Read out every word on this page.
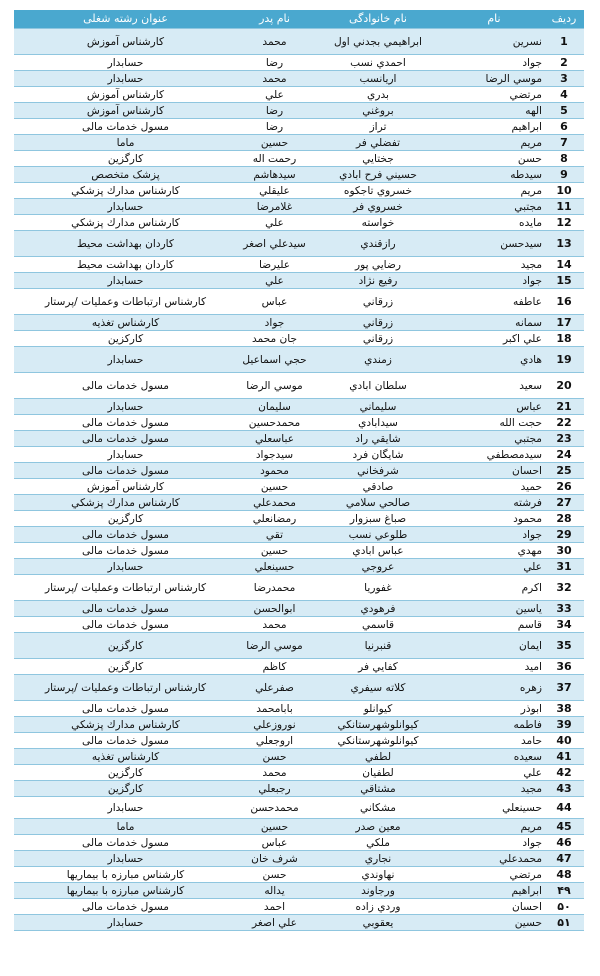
ردیف	نام	نام خانوادگی	نام پدر	عنوان رشته شغلی
1	نسرين	ابراهيمي بجدني اول	محمد	كارشناس آموزش
2	جواد	احمدي نسب	رضا	حسابدار
3	موسي الرضا	اريانسب	محمد	حسابدار
4	مرتضي	بدري	علي	كارشناس آموزش
5	الهه	بروغني	رضا	كارشناس آموزش
6	ابراهيم	تراز	رضا	مسول خدمات مالی
7	مريم	تفضلي فر	حسين	ماما
8	حسن	جختايي	رحمت اله	كارگزين
9	سيدطه	حسيني فرح ابادي	سيدهاشم	پزشک متخصص
10	مريم	خسروي تاجكوه	عليقلي	كارشناس مدارك پزشكي
11	مجتبي	خسروي فر	غلامرضا	حسابدار
12	مايده	خواسته	علي	كارشناس مدارك پزشكي
13	سيدحسن	رازقندي	سيدعلي اصغر	كاردان بهداشت محيط
14	مجيد	رضايي پور	عليرضا	كاردان بهداشت محيط
15	جواد	رفيع نژاد	علي	حسابدار
16	عاطفه	زرقاني	عباس	كارشناس ارتباطات وعمليات /پرستار
17	سمانه	زرقاني	جواد	كارشناس تغذيه
18	علي اكبر	زرقاني	جان محمد	كاركزين
19	هادي	زمندي	حجي اسماعيل	حسابدار
20	سعيد	سلطان ابادي	موسي الرضا	مسول خدمات مالی
21	عباس	سليماني	سليمان	حسابدار
22	حجت الله	سيدابادي	محمدحسين	مسول خدمات مالی
23	مجتبي	شايقي راد	عباسعلي	مسول خدمات مالی
24	سيدمصطفي	شايگان فرد	سيدجواد	حسابدار
25	احسان	شرفخاني	محمود	مسول خدمات مالی
26	حميد	صادقي	حسين	كارشناس آموزش
27	فرشته	صالحي سلامي	محمدعلي	كارشناس مدارك پزشكي
28	محمود	صباغ سبزوار	رمضانعلي	كارگزين
29	جواد	طلوعي نسب	تقي	مسول خدمات مالی
30	مهدي	عباس ابادي	حسين	مسول خدمات مالی
31	علي	عروجي	حسينعلي	حسابدار
32	اكرم	غفوريا	محمدرضا	كارشناس ارتباطات وعمليات /پرستار
33	ياسين	فرهودي	ابوالحسن	مسول خدمات مالی
34	قاسم	قاسمي	محمد	مسول خدمات مالی
35	ايمان	قنبرنيا	موسي الرضا	كارگزين
36	اميد	كفايي فر	كاظم	كارگزين
37	زهره	كلاته سيفري	صفرعلي	كارشناس ارتباطات وعمليات /پرستار
38	ابوذر	كيوانلو	بابامحمد	مسول خدمات مالی
39	فاطمه	كيوانلوشهرستانكي	نوروزعلي	كارشناس مدارك پزشكي
40	حامد	كيوانلوشهرستانكي	اروجعلي	مسول خدمات مالی
41	سعيده	لطفي	حسن	كارشناس تغذيه
42	علي	لطفيان	محمد	كارگزين
43	مجيد	مشتاقي	رجبعلي	كارگزين
44	حسينعلي	مشكاني	محمدحسن	حسابدار
45	مريم	معين صدر	حسين	ماما
46	جواد	ملكي	عباس	مسول خدمات مالی
47	محمدعلي	نجاري	شرف خان	حسابدار
48	مرتضي	نهاوندي	حسن	كارشناس مبارزه با بيماريها
۴۹	ابراهيم	ورجاوند	يداله	كارشناس مبارزه با بيماريها
۵۰	احسان	وردي زاده	احمد	مسول خدمات مالی
۵۱	حسين	يعقوبي	علي اصغر	حسابدار
